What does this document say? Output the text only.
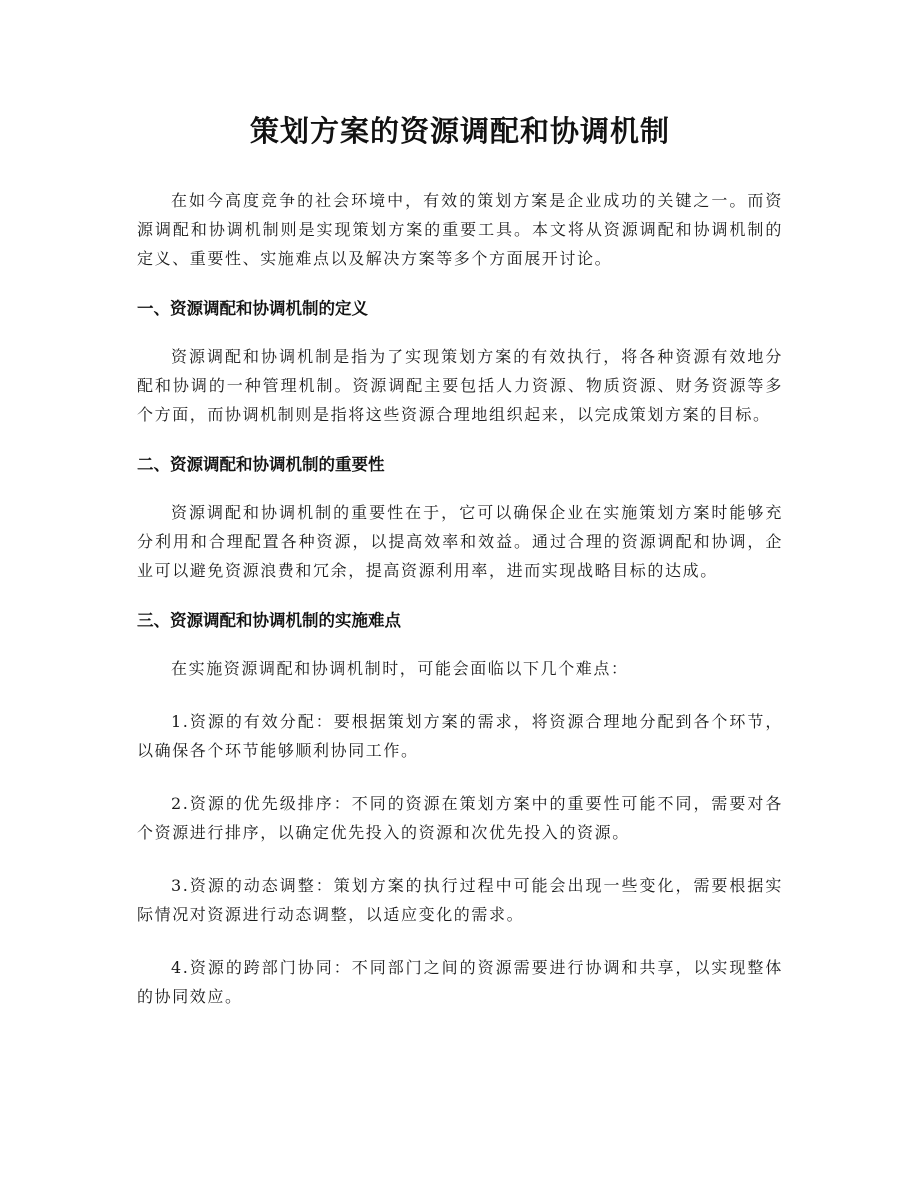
策划方案的资源调配和协调机制

在如今高度竞争的社会环境中，有效的策划方案是企业成功的关键之一。而资源调配和协调机制则是实现策划方案的重要工具。本文将从资源调配和协调机制的定义、重要性、实施难点以及解决方案等多个方面展开讨论。

一、资源调配和协调机制的定义

资源调配和协调机制是指为了实现策划方案的有效执行，将各种资源有效地分配和协调的一种管理机制。资源调配主要包括人力资源、物质资源、财务资源等多个方面，而协调机制则是指将这些资源合理地组织起来，以完成策划方案的目标。

二、资源调配和协调机制的重要性

资源调配和协调机制的重要性在于，它可以确保企业在实施策划方案时能够充分利用和合理配置各种资源，以提高效率和效益。通过合理的资源调配和协调，企业可以避免资源浪费和冗余，提高资源利用率，进而实现战略目标的达成。

三、资源调配和协调机制的实施难点

在实施资源调配和协调机制时，可能会面临以下几个难点：

1.资源的有效分配：要根据策划方案的需求，将资源合理地分配到各个环节，以确保各个环节能够顺利协同工作。

2.资源的优先级排序：不同的资源在策划方案中的重要性可能不同，需要对各个资源进行排序，以确定优先投入的资源和次优先投入的资源。

3.资源的动态调整：策划方案的执行过程中可能会出现一些变化，需要根据实际情况对资源进行动态调整，以适应变化的需求。

4.资源的跨部门协同：不同部门之间的资源需要进行协调和共享，以实现整体的协同效应。
